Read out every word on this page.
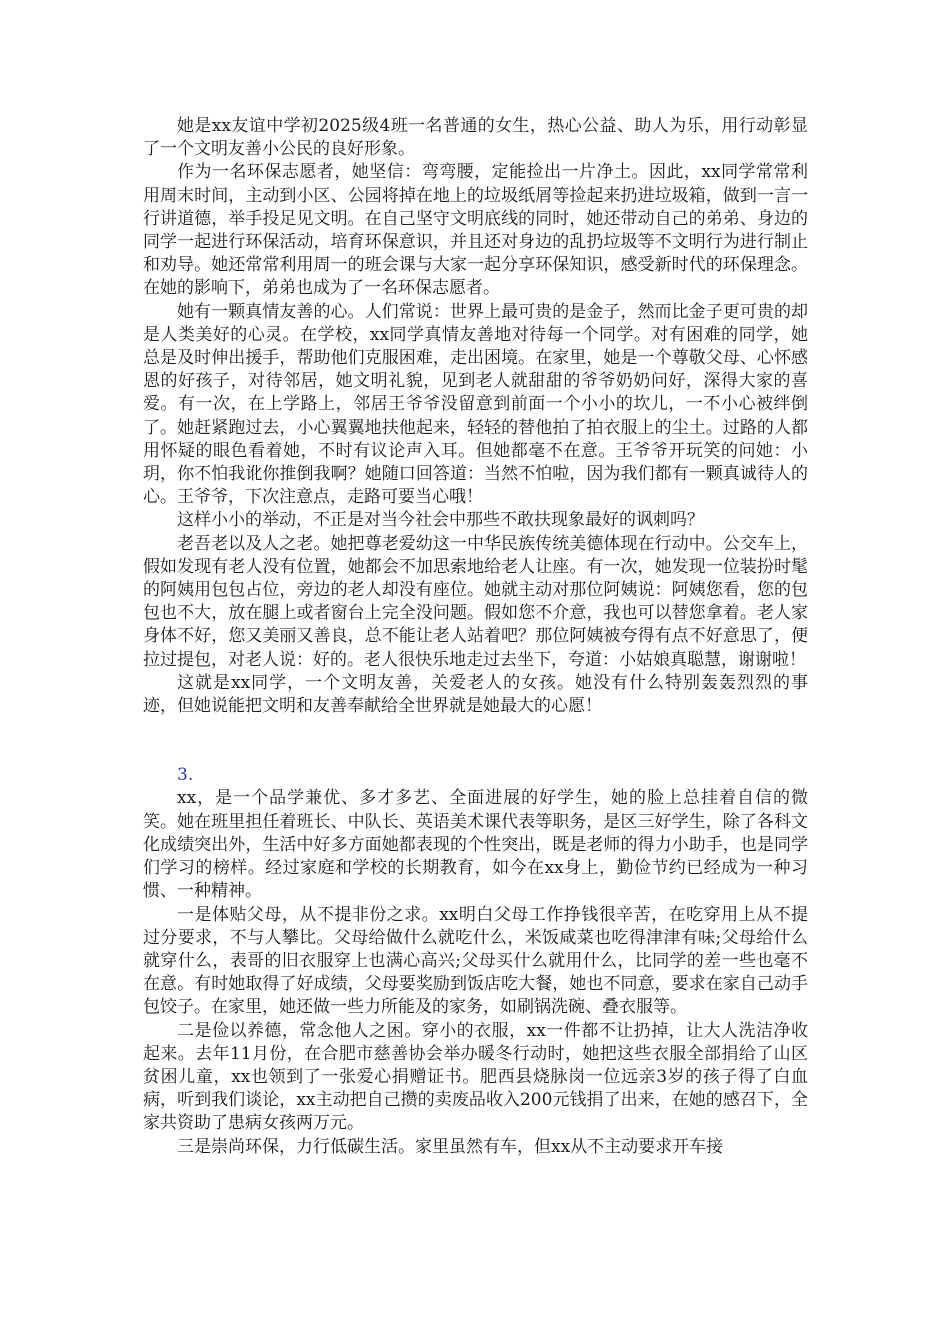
她是xx友谊中学初2025级4班一名普通的女生，热心公益、助人为乐，用行动彰显了一个文明友善小公民的良好形象。

作为一名环保志愿者，她坚信：弯弯腰，定能捡出一片净土。因此，xx同学常常利用周末时间，主动到小区、公园将掉在地上的垃圾纸屑等捡起来扔进垃圾箱，做到一言一行讲道德，举手投足见文明。在自己坚守文明底线的同时，她还带动自己的弟弟、身边的同学一起进行环保活动，培育环保意识，并且还对身边的乱扔垃圾等不文明行为进行制止和劝导。她还常常利用周一的班会课与大家一起分享环保知识，感受新时代的环保理念。在她的影响下，弟弟也成为了一名环保志愿者。

她有一颗真情友善的心。人们常说：世界上最可贵的是金子，然而比金子更可贵的却是人类美好的心灵。在学校，xx同学真情友善地对待每一个同学。对有困难的同学，她总是及时伸出援手，帮助他们克服困难，走出困境。在家里，她是一个尊敬父母、心怀感恩的好孩子，对待邻居，她文明礼貌，见到老人就甜甜的爷爷奶奶问好，深得大家的喜爱。有一次，在上学路上，邻居王爷爷没留意到前面一个小小的坎儿，一不小心被绊倒了。她赶紧跑过去，小心翼翼地扶他起来，轻轻的替他拍了拍衣服上的尘土。过路的人都用怀疑的眼色看着她，不时有议论声入耳。但她都毫不在意。王爷爷开玩笑的问她：小玥，你不怕我讹你推倒我啊？她随口回答道：当然不怕啦，因为我们都有一颗真诚待人的心。王爷爷，下次注意点，走路可要当心哦！

这样小小的举动，不正是对当今社会中那些不敢扶现象最好的讽刺吗？

老吾老以及人之老。她把尊老爱幼这一中华民族传统美德体现在行动中。公交车上，假如发现有老人没有位置，她都会不加思索地给老人让座。有一次，她发现一位装扮时髦的阿姨用包包占位，旁边的老人却没有座位。她就主动对那位阿姨说：阿姨您看，您的包包也不大，放在腿上或者窗台上完全没问题。假如您不介意，我也可以替您拿着。老人家身体不好，您又美丽又善良，总不能让老人站着吧？那位阿姨被夸得有点不好意思了，便拉过提包，对老人说：好的。老人很快乐地走过去坐下，夸道：小姑娘真聪慧，谢谢啦！

这就是xx同学，一个文明友善，关爱老人的女孩。她没有什么特别轰轰烈烈的事迹，但她说能把文明和友善奉献给全世界就是她最大的心愿！

3.

xx，是一个品学兼优、多才多艺、全面进展的好学生，她的脸上总挂着自信的微笑。她在班里担任着班长、中队长、英语美术课代表等职务，是区三好学生，除了各科文化成绩突出外，生活中好多方面她都表现的个性突出，既是老师的得力小助手，也是同学们学习的榜样。经过家庭和学校的长期教育，如今在xx身上，勤俭节约已经成为一种习惯、一种精神。

一是体贴父母，从不提非份之求。xx明白父母工作挣钱很辛苦，在吃穿用上从不提过分要求，不与人攀比。父母给做什么就吃什么，米饭咸菜也吃得津津有味;父母给什么就穿什么，表哥的旧衣服穿上也满心高兴;父母买什么就用什么，比同学的差一些也毫不在意。有时她取得了好成绩，父母要奖励到饭店吃大餐，她也不同意，要求在家自己动手包饺子。在家里，她还做一些力所能及的家务，如刷锅洗碗、叠衣服等。

二是俭以养德，常念他人之困。穿小的衣服，xx一件都不让扔掉，让大人洗洁净收起来。去年11月份，在合肥市慈善协会举办暖冬行动时，她把这些衣服全部捐给了山区贫困儿童，xx也领到了一张爱心捐赠证书。肥西县烧脉岗一位远亲3岁的孩子得了白血病，听到我们谈论，xx主动把自己攒的卖废品收入200元钱捐了出来，在她的感召下，全家共资助了患病女孩两万元。

三是崇尚环保，力行低碳生活。家里虽然有车，但xx从不主动要求开车接
